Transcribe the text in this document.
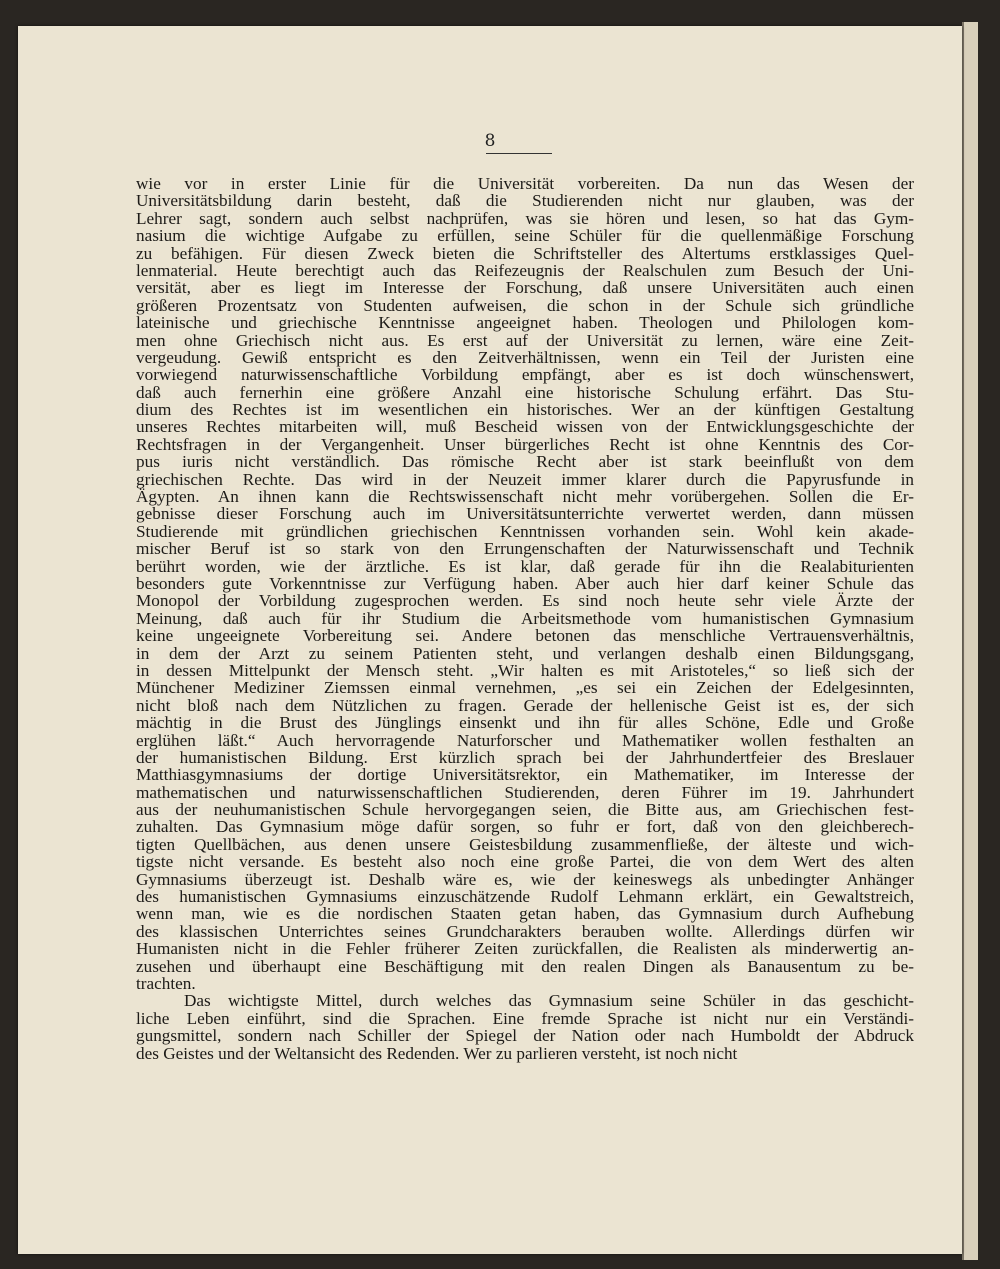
8
wie vor in erster Linie für die Universität vorbereiten. Da nun das Wesen der
Universitätsbildung darin besteht, daß die Studierenden nicht nur glauben, was der
Lehrer sagt, sondern auch selbst nachprüfen, was sie hören und lesen, so hat das Gym-
nasium die wichtige Aufgabe zu erfüllen, seine Schüler für die quellenmäßige Forschung
zu befähigen. Für diesen Zweck bieten die Schriftsteller des Altertums erstklassiges Quel-
lenmaterial. Heute berechtigt auch das Reifezeugnis der Realschulen zum Besuch der Uni-
versität, aber es liegt im Interesse der Forschung, daß unsere Universitäten auch einen
größeren Prozentsatz von Studenten aufweisen, die schon in der Schule sich gründliche
lateinische und griechische Kenntnisse angeeignet haben. Theologen und Philologen kom-
men ohne Griechisch nicht aus. Es erst auf der Universität zu lernen, wäre eine Zeit-
vergeudung. Gewiß entspricht es den Zeitverhältnissen, wenn ein Teil der Juristen eine
vorwiegend naturwissenschaftliche Vorbildung empfängt, aber es ist doch wünschenswert,
daß auch fernerhin eine größere Anzahl eine historische Schulung erfährt. Das Stu-
dium des Rechtes ist im wesentlichen ein historisches. Wer an der künftigen Gestaltung
unseres Rechtes mitarbeiten will, muß Bescheid wissen von der Entwicklungsgeschichte der
Rechtsfragen in der Vergangenheit. Unser bürgerliches Recht ist ohne Kenntnis des Cor-
pus iuris nicht verständlich. Das römische Recht aber ist stark beeinflußt von dem
griechischen Rechte. Das wird in der Neuzeit immer klarer durch die Papyrusfunde in
Ägypten. An ihnen kann die Rechtswissenschaft nicht mehr vorübergehen. Sollen die Er-
gebnisse dieser Forschung auch im Universitätsunterrichte verwertet werden, dann müssen
Studierende mit gründlichen griechischen Kenntnissen vorhanden sein. Wohl kein akade-
mischer Beruf ist so stark von den Errungenschaften der Naturwissenschaft und Technik
berührt worden, wie der ärztliche. Es ist klar, daß gerade für ihn die Realabiturienten
besonders gute Vorkenntnisse zur Verfügung haben. Aber auch hier darf keiner Schule das
Monopol der Vorbildung zugesprochen werden. Es sind noch heute sehr viele Ärzte der
Meinung, daß auch für ihr Studium die Arbeitsmethode vom humanistischen Gymnasium
keine ungeeignete Vorbereitung sei. Andere betonen das menschliche Vertrauensverhältnis,
in dem der Arzt zu seinem Patienten steht, und verlangen deshalb einen Bildungsgang,
in dessen Mittelpunkt der Mensch steht. „Wir halten es mit Aristoteles,“ so ließ sich der
Münchener Mediziner Ziemssen einmal vernehmen, „es sei ein Zeichen der Edelgesinnten,
nicht bloß nach dem Nützlichen zu fragen. Gerade der hellenische Geist ist es, der sich
mächtig in die Brust des Jünglings einsenkt und ihn für alles Schöne, Edle und Große
erglühen läßt.“ Auch hervorragende Naturforscher und Mathematiker wollen festhalten an
der humanistischen Bildung. Erst kürzlich sprach bei der Jahrhundertfeier des Breslauer
Matthiasgymnasiums der dortige Universitätsrektor, ein Mathematiker, im Interesse der
mathematischen und naturwissenschaftlichen Studierenden, deren Führer im 19. Jahrhundert
aus der neuhumanistischen Schule hervorgegangen seien, die Bitte aus, am Griechischen fest-
zuhalten. Das Gymnasium möge dafür sorgen, so fuhr er fort, daß von den gleichberech-
tigten Quellbächen, aus denen unsere Geistesbildung zusammenfließe, der älteste und wich-
tigste nicht versande. Es besteht also noch eine große Partei, die von dem Wert des alten
Gymnasiums überzeugt ist. Deshalb wäre es, wie der keineswegs als unbedingter Anhänger
des humanistischen Gymnasiums einzuschätzende Rudolf Lehmann erklärt, ein Gewaltstreich,
wenn man, wie es die nordischen Staaten getan haben, das Gymnasium durch Aufhebung
des klassischen Unterrichtes seines Grundcharakters berauben wollte. Allerdings dürfen wir
Humanisten nicht in die Fehler früherer Zeiten zurückfallen, die Realisten als minderwertig an-
zusehen und überhaupt eine Beschäftigung mit den realen Dingen als Banausentum zu be-
trachten.
Das wichtigste Mittel, durch welches das Gymnasium seine Schüler in das geschicht-
liche Leben einführt, sind die Sprachen. Eine fremde Sprache ist nicht nur ein Verständi-
gungsmittel, sondern nach Schiller der Spiegel der Nation oder nach Humboldt der Abdruck
des Geistes und der Weltansicht des Redenden. Wer zu parlieren versteht, ist noch nicht
